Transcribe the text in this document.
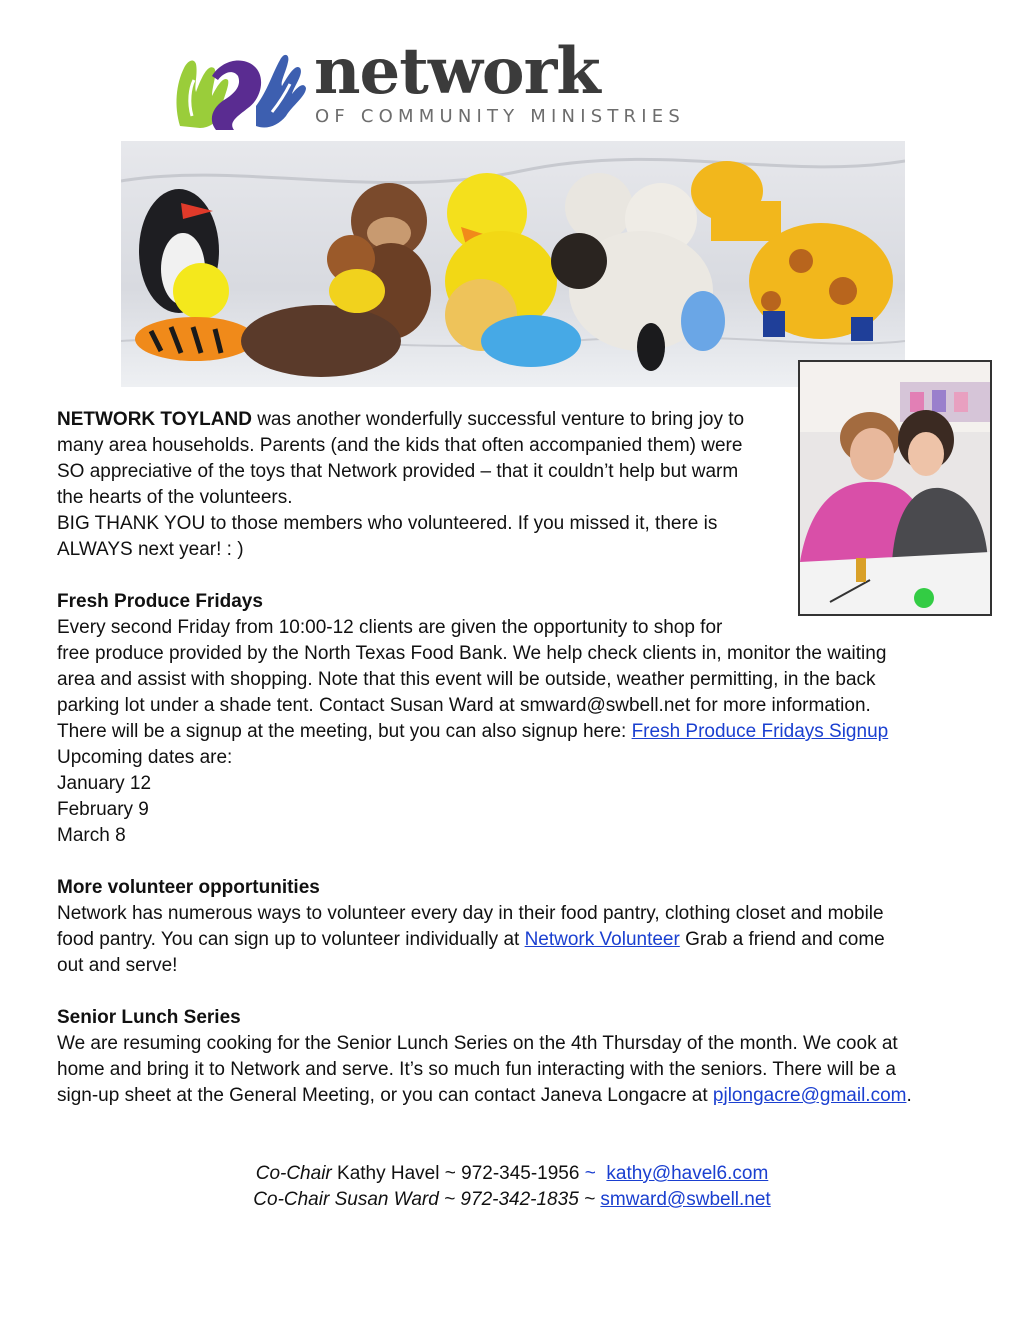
network
OF COMMUNITY MINISTRIES
NETWORK TOYLAND was another wonderfully successful venture to bring joy to
many area households. Parents (and the kids that often accompanied them) were
SO appreciative of the toys that Network provided – that it couldn’t help but warm
the hearts of the volunteers.
BIG THANK YOU to those members who volunteered. If you missed it, there is
ALWAYS next year! : )
Fresh Produce Fridays
Every second Friday from 10:00-12 clients are given the opportunity to shop for
free produce provided by the North Texas Food Bank. We help check clients in, monitor the waiting
area and assist with shopping. Note that this event will be outside, weather permitting, in the back
parking lot under a shade tent. Contact Susan Ward at smward@swbell.net for more information.
There will be a signup at the meeting, but you can also signup here: Fresh Produce Fridays Signup
Upcoming dates are:
January 12
February 9
March 8
More volunteer opportunities
Network has numerous ways to volunteer every day in their food pantry, clothing closet and mobile
food pantry. You can sign up to volunteer individually at Network Volunteer Grab a friend and come
out and serve!
Senior Lunch Series
We are resuming cooking for the Senior Lunch Series on the 4th Thursday of the month. We cook at
home and bring it to Network and serve. It’s so much fun interacting with the seniors. There will be a
sign-up sheet at the General Meeting, or you can contact Janeva Longacre at pjlongacre@gmail.com.
Co-Chair Kathy Havel ~ 972-345-1956 ~ kathy@havel6.com
Co-Chair Susan Ward ~ 972-342-1835 ~ smward@swbell.net
